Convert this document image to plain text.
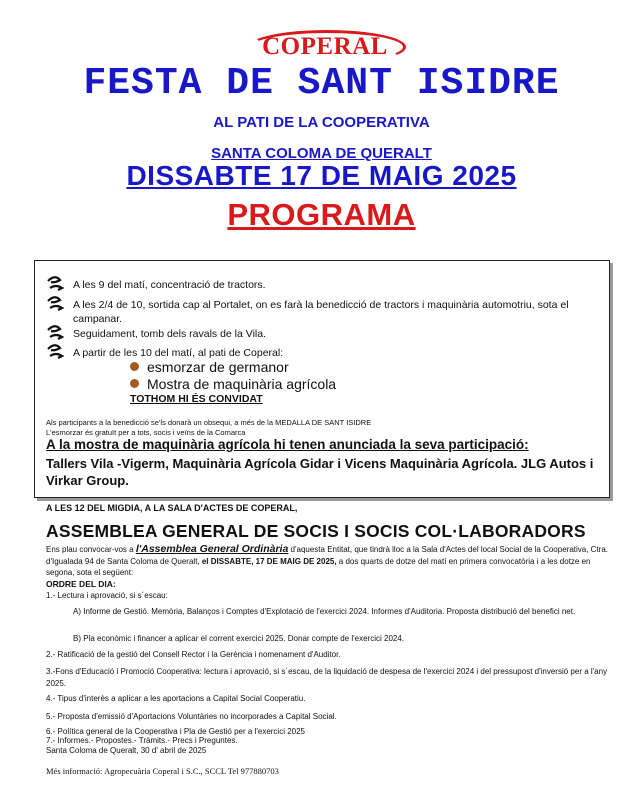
COPERAL
FESTA DE SANT ISIDRE
AL PATI DE LA COOPERATIVA
SANTA COLOMA DE QUERALT
DISSABTE 17 DE MAIG 2025
PROGRAMA
A les 9 del matí, concentració de tractors.
A les 2/4 de 10, sortida cap al Portalet, on es farà la benedicció de tractors i maquinària automotriu, sota el campanar.
Seguidament, tomb dels ravals de la Vila.
A partir de les 10 del matí, al pati de Coperal:
esmorzar de germanor
Mostra de maquinària agrícola
TOTHOM HI ÉS CONVIDAT
Als participants a la benedicció se'ls donarà un obsequi, a més de la MEDALLA DE SANT ISIDRE
L'esmorzar és gratuït per a tots, socis i veïns de la Comarca
A la mostra de maquinària agrícola hi tenen anunciada la seva participació:
Tallers Vila -Vigerm, Maquinària Agrícola Gidar i Vicens Maquinària Agrícola. JLG Autos i Virkar Group.
A LES 12 DEL MIGDIA, A LA SALA D'ACTES DE COPERAL,
ASSEMBLEA GENERAL DE SOCIS I SOCIS COL·LABORADORS
Ens plau convocar-vos a l'Assemblea General Ordinària d'aquesta Entitat, que tindrà lloc a la Sala d'Actes del local Social de la Cooperativa, Ctra. d'Igualada 94 de Santa Coloma de Queralt, el DISSABTE, 17 DE MAIG DE 2025, a dos quarts de dotze del matí en primera convocatòria i a les dotze en segona, sota el següent:
ORDRE DEL DIA:
1.- Lectura i aprovació, si s´escau:
A) Informe de Gestió. Memòria, Balanços i Comptes d'Explotació de l'exercici 2024. Informes d'Auditoria. Proposta distribució del benefici net.
B) Pla econòmic i financer a aplicar el corrent exercici 2025. Donar compte de l'exercici 2024.
2.- Ratificació de la gestió del Consell Rector i la Gerència i nomenament d'Auditor.
3.-Fons d'Educació i Promoció Cooperativa: lectura i aprovació, si s´escau, de la liquidació de despesa de l'exercici 2024 i del pressupost d'inversió per a l'any 2025.
4.- Tipus d'interès a aplicar a les aportacions a Capital Social Cooperatiu.
5.- Proposta d'emissió d'Aportacions Voluntàries no incorporades a Capital Social.
6.- Política general de la Cooperativa i Pla de Gestió per a l'exercici 2025
7.- Informes.- Propostes.- Tràmits.- Precs i Preguntes.
Santa Coloma de Queralt, 30 d' abril de 2025
Més informació: Agropecuària Coperal i S.C., SCCL Tel 977880703
